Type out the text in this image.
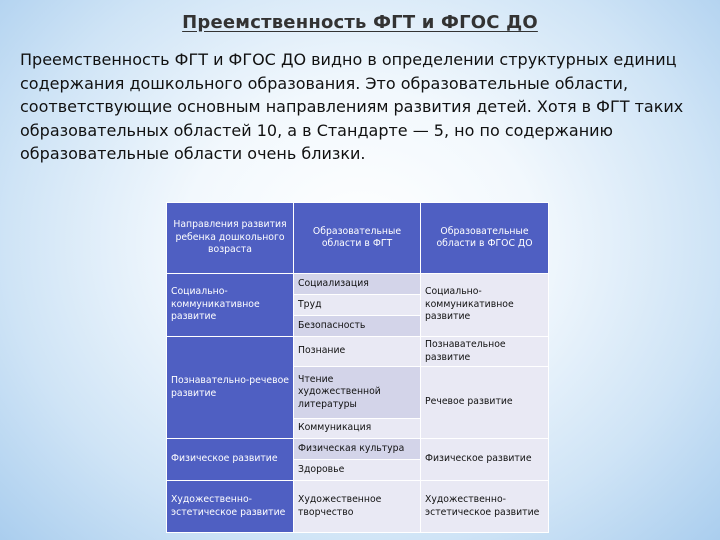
Преемственность ФГТ и ФГОС ДО

Преемственность ФГТ и ФГОС ДО видно в определении структурных единиц содержания дошкольного образования. Это образовательные области, соответствующие основным направлениям развития детей. Хотя в ФГТ таких образовательных областей 10, а в Стандарте — 5, но по содержанию образовательные области очень близки.

Направления развития ребенка дошкольного возраста	Образовательные области в ФГТ	Образовательные области в ФГОС ДО
Социально-коммуникативное развитие	Социализация	Социально-коммуникативное развитие
	Труд	
	Безопасность	
Познавательно-речевое развитие	Познание	Познавательное развитие
	Чтение художественной литературы	Речевое развитие

	Коммуникация	
Физическое развитие	Физическая культура	Физическое развитие
	Здоровье	
Художественно-эстетическое развитие	Художественное творчество	Художественно-эстетическое развитие
